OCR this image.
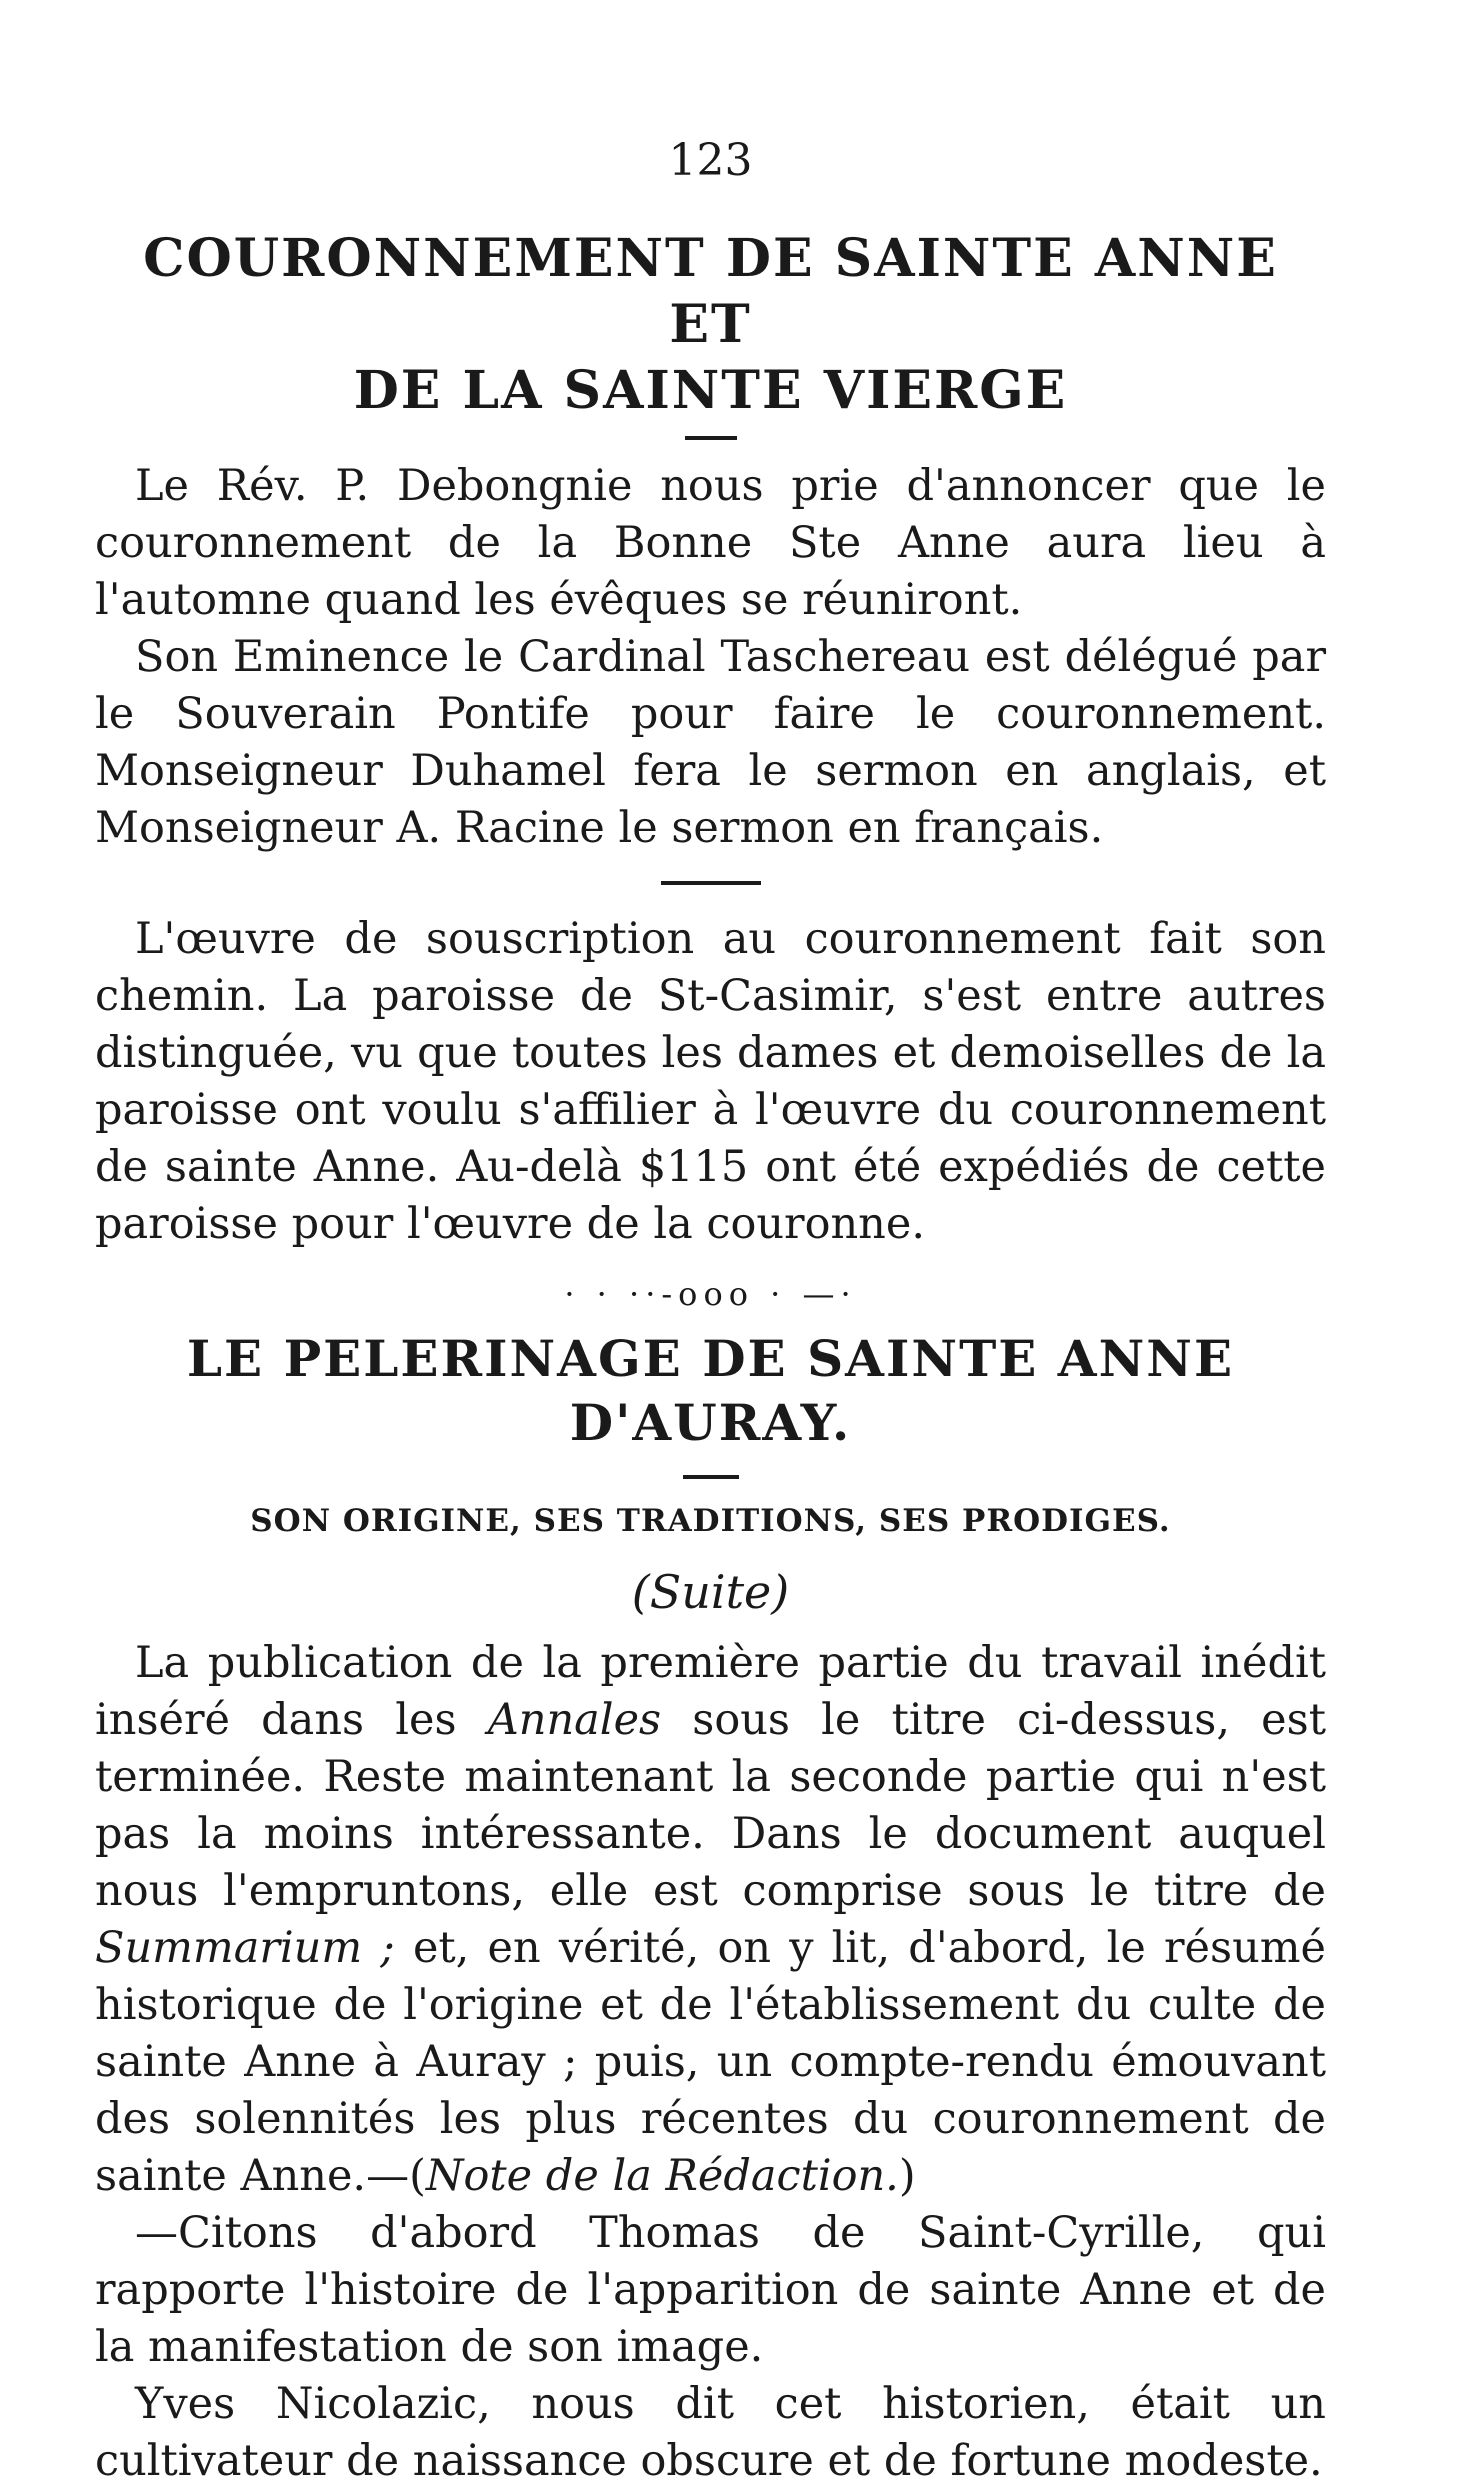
123
COURONNEMENT DE SAINTE ANNE ET
DE LA SAINTE VIERGE

Le Rév. P. Debongnie nous prie d'annoncer que le couronnement de la Bonne Ste Anne aura lieu à l'automne quand les évêques se réuniront.

Son Eminence le Cardinal Taschereau est délégué par le Souverain Pontife pour faire le couronnement. Monseigneur Duhamel fera le sermon en anglais, et Monseigneur A. Racine le sermon en français.

L'œuvre de souscription au couronnement fait son chemin. La paroisse de St-Casimir, s'est entre autres distinguée, vu que toutes les dames et demoiselles de la paroisse ont voulu s'affilier à l'œuvre du couronnement de sainte Anne. Au-delà $115 ont été expédiés de cette paroisse pour l'œuvre de la couronne.

· · ··-ooo · —·
LE PELERINAGE DE SAINTE ANNE D'AURAY.
SON ORIGINE, SES TRADITIONS, SES PRODIGES.
(Suite)

La publication de la première partie du travail inédit inséré dans les Annales sous le titre ci-dessus, est terminée. Reste maintenant la seconde partie qui n'est pas la moins intéressante. Dans le document auquel nous l'empruntons, elle est comprise sous le titre de Summarium ; et, en vérité, on y lit, d'abord, le résumé historique de l'origine et de l'établissement du culte de sainte Anne à Auray ; puis, un compte-rendu émouvant des solennités les plus récentes du couronnement de sainte Anne.—(Note de la Rédaction.)

—Citons d'abord Thomas de Saint-Cyrille, qui rapporte l'histoire de l'apparition de sainte Anne et de la manifestation de son image.

Yves Nicolazic, nous dit cet historien, était un cultivateur de naissance obscure et de fortune modeste.
